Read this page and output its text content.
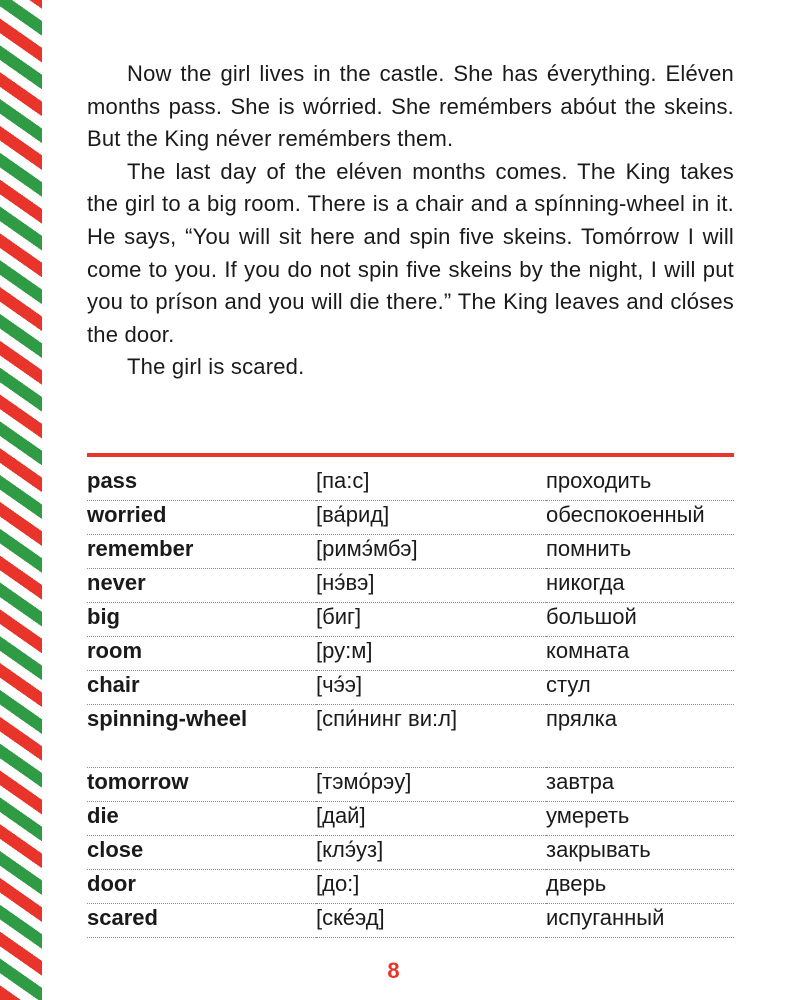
Now the girl lives in the castle. She has éverything. Eléven months pass. She is wórried. She remémbers abóut the skeins. But the King néver remémbers them.

The last day of the eléven months comes. The King takes the girl to a big room. There is a chair and a spínning-wheel in it. He says, “You will sit here and spin five skeins. Tomórrow I will come to you. If you do not spin five skeins by the night, I will put you to príson and you will die there.” The King leaves and clóses the door.

The girl is scared.

pass	[па:с]	проходить
worried	[ва́рид]	обеспокоенный
remember	[римэ́мбэ]	помнить
never	[нэ́вэ]	никогда
big	[биг]	большой
room	[ру:м]	комната
chair	[чэ́э]	стул
spinning-wheel	[спи́нинг ви:л]	прялка
tomorrow	[тэмо́рэу]	завтра
die	[дай]	умереть
close	[клэ́уз]	закрывать
door	[до:]	дверь
scared	[скéэд]	испуганный
8
